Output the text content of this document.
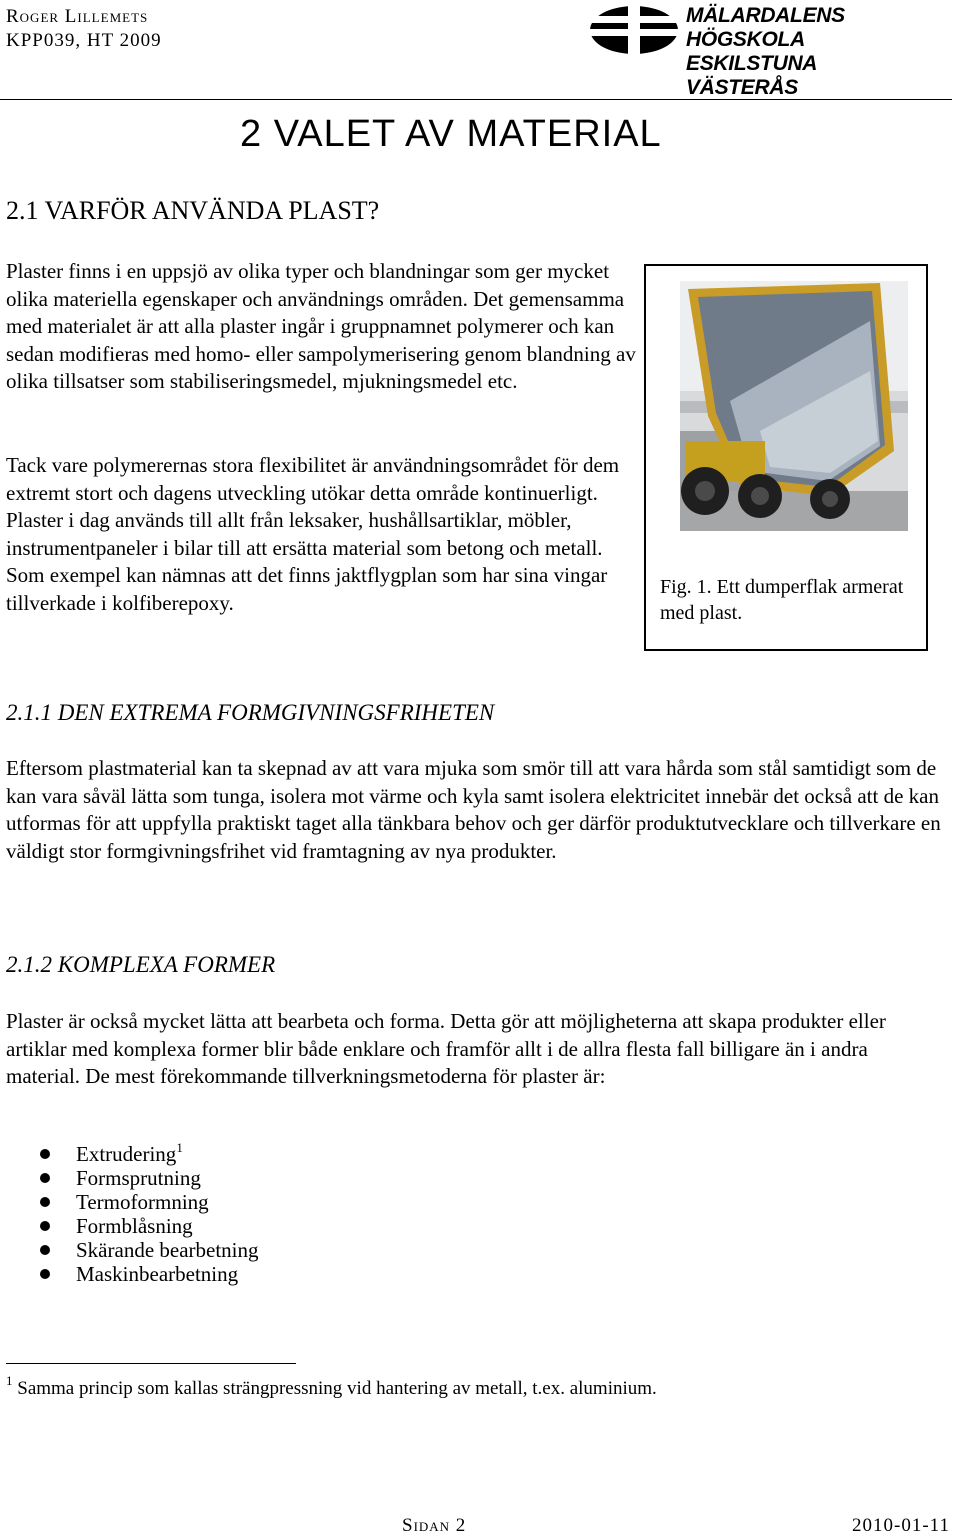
Roger Lillemets
KPP039, HT 2009
MÄLARDALENS HÖGSKOLA
ESKILSTUNA VÄSTERÅS
2 VALET AV MATERIAL
2.1 VARFÖR ANVÄNDA PLAST?
Plaster finns i en uppsjö av olika typer och blandningar som ger mycket olika materiella egenskaper och användnings områden. Det gemensamma med materialet är att alla plaster ingår i gruppnamnet polymerer och kan sedan modifieras med homo- eller sampolymerisering genom blandning av olika tillsatser som stabiliseringsmedel, mjukningsmedel etc.
Tack vare polymerernas stora flexibilitet är användningsområdet för dem extremt stort och dagens utveckling utökar detta område kontinuerligt. Plaster i dag används till allt från leksaker, hushållsartiklar, möbler, instrumentpaneler i bilar till att ersätta material som betong och metall. Som exempel kan nämnas att det finns jaktflygplan som har sina vingar tillverkade i kolfiberepoxy.
Fig. 1. Ett dumperflak armerat med plast.
2.1.1 DEN EXTREMA FORMGIVNINGSFRIHETEN
Eftersom plastmaterial kan ta skepnad av att vara mjuka som smör till att vara hårda som stål samtidigt som de kan vara såväl lätta som tunga, isolera mot värme och kyla samt isolera elektricitet innebär det också att de kan utformas för att uppfylla praktiskt taget alla tänkbara behov och ger därför produktutvecklare och tillverkare en väldigt stor formgivningsfrihet vid framtagning av nya produkter.
2.1.2 KOMPLEXA FORMER
Plaster är också mycket lätta att bearbeta och forma. Detta gör att möjligheterna att skapa produkter eller artiklar med komplexa former blir både enklare och framför allt i de allra flesta fall billigare än i andra material. De mest förekommande tillverkningsmetoderna för plaster är:
Extrudering$^1$
Formsprutning
Termoformning
Formblåsning
Skärande bearbetning
Maskinbearbetning
$^1$ Samma princip som kallas strängpressning vid hantering av metall, t.ex. aluminium.
Sidan 2	2010-01-11
